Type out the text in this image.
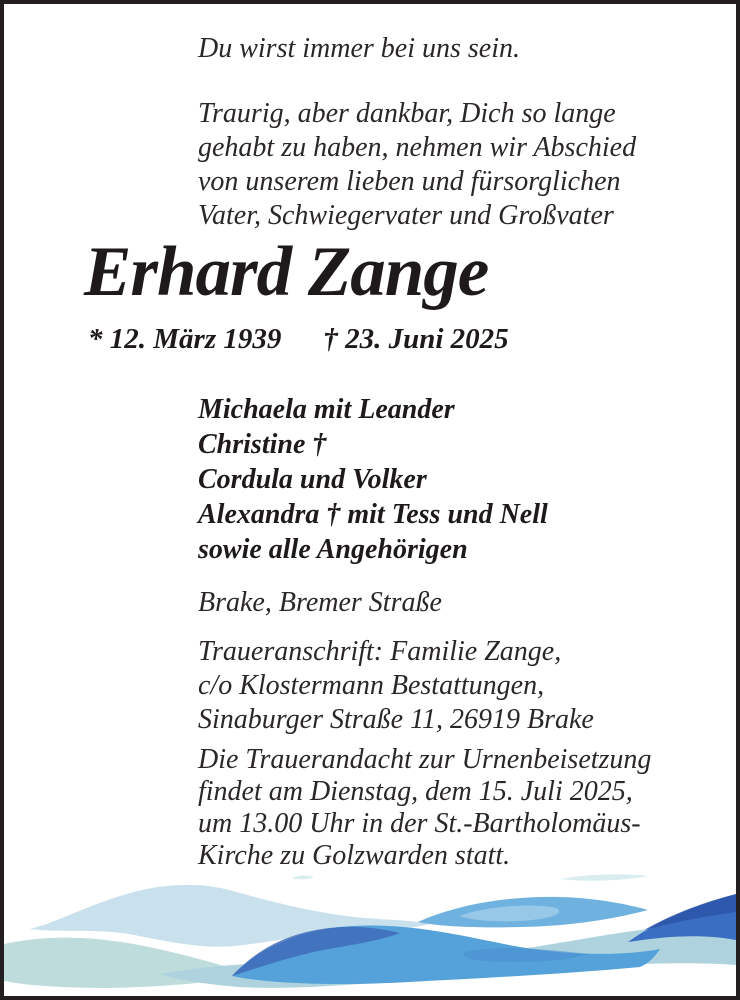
Du wirst immer bei uns sein.
Traurig, aber dankbar, Dich so lange
gehabt zu haben, nehmen wir Abschied
von unserem lieben und fürsorglichen
Vater, Schwiegervater und Großvater
Erhard Zange
* 12. März 1939 † 23. Juni 2025
Michaela mit Leander
Christine †
Cordula und Volker
Alexandra † mit Tess und Nell
sowie alle Angehörigen
Brake, Bremer Straße
Traueranschrift: Familie Zange,
c/o Klostermann Bestattungen,
Sinaburger Straße 11, 26919 Brake
Die Trauerandacht zur Urnenbeisetzung
findet am Dienstag, dem 15. Juli 2025,
um 13.00 Uhr in der St.-Bartholomäus-
Kirche zu Golzwarden statt.
